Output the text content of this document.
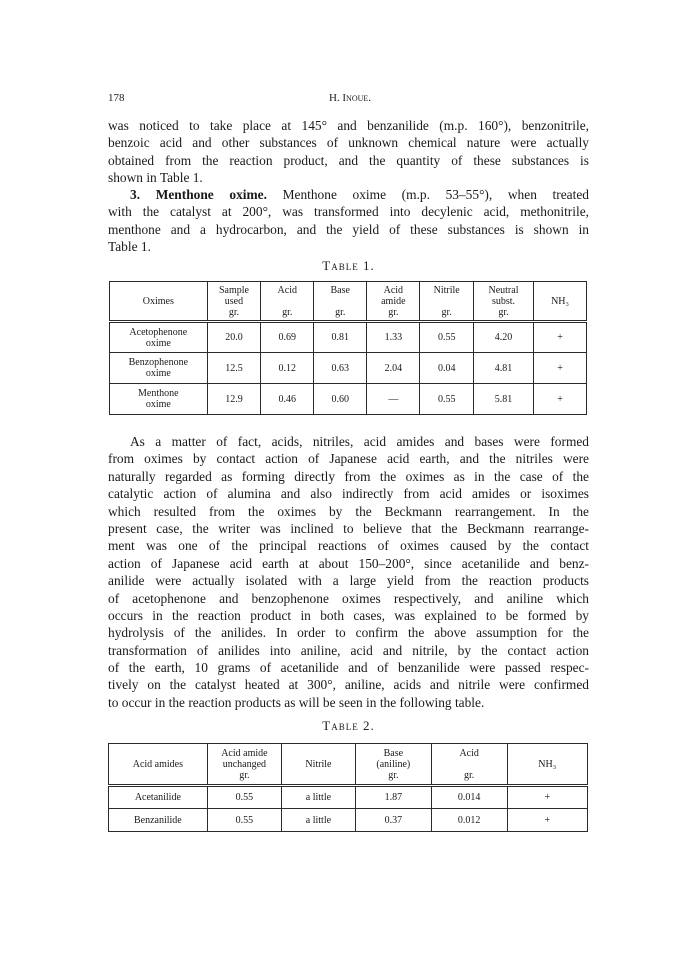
178	H. Inoue.

was noticed to take place at 145° and benzanilide (m.p. 160°), benzonitrile,
benzoic acid and other substances of unknown chemical nature were actually
obtained from the reaction product, and the quantity of these substances is
shown in Table 1.

3. Menthone oxime. Menthone oxime (m.p. 53–55°), when treated
with the catalyst at 200°, was transformed into decylenic acid, methonitrile,
menthone and a hydrocarbon, and the yield of these substances is shown in
Table 1.

Table 1.
Oximes	Sample
used
gr.	Acid

gr.	Base

gr.	Acid
amide
gr.	Nitrile

gr.	Neutral
subst.
gr.	NH₃
Acetophenone
oxime	20.0	0.69	0.81	1.33	0.55	4.20	+
Benzophenone
oxime	12.5	0.12	0.63	2.04	0.04	4.81	+
Menthone
oxime	12.9	0.46	0.60	—	0.55	5.81	+

As a matter of fact, acids, nitriles, acid amides and bases were formed
from oximes by contact action of Japanese acid earth, and the nitriles were
naturally regarded as forming directly from the oximes as in the case of the
catalytic action of alumina and also indirectly from acid amides or isoximes
which resulted from the oximes by the Beckmann rearrangement. In the
present case, the writer was inclined to believe that the Beckmann rearrange-
ment was one of the principal reactions of oximes caused by the contact
action of Japanese acid earth at about 150–200°, since acetanilide and benz-
anilide were actually isolated with a large yield from the reaction products
of acetophenone and benzophenone oximes respectively, and aniline which
occurs in the reaction product in both cases, was explained to be formed by
hydrolysis of the anilides. In order to confirm the above assumption for the
transformation of anilides into aniline, acid and nitrile, by the contact action
of the earth, 10 grams of acetanilide and of benzanilide were passed respec-
tively on the catalyst heated at 300°, aniline, acids and nitrile were confirmed
to occur in the reaction products as will be seen in the following table.

Table 2.
Acid amides	Acid amide
unchanged
gr.	Nitrile	Base
(aniline)
gr.	Acid

gr.	NH₃
Acetanilide	0.55	a little	1.87	0.014	+
Benzanilide	0.55	a little	0.37	0.012	+
